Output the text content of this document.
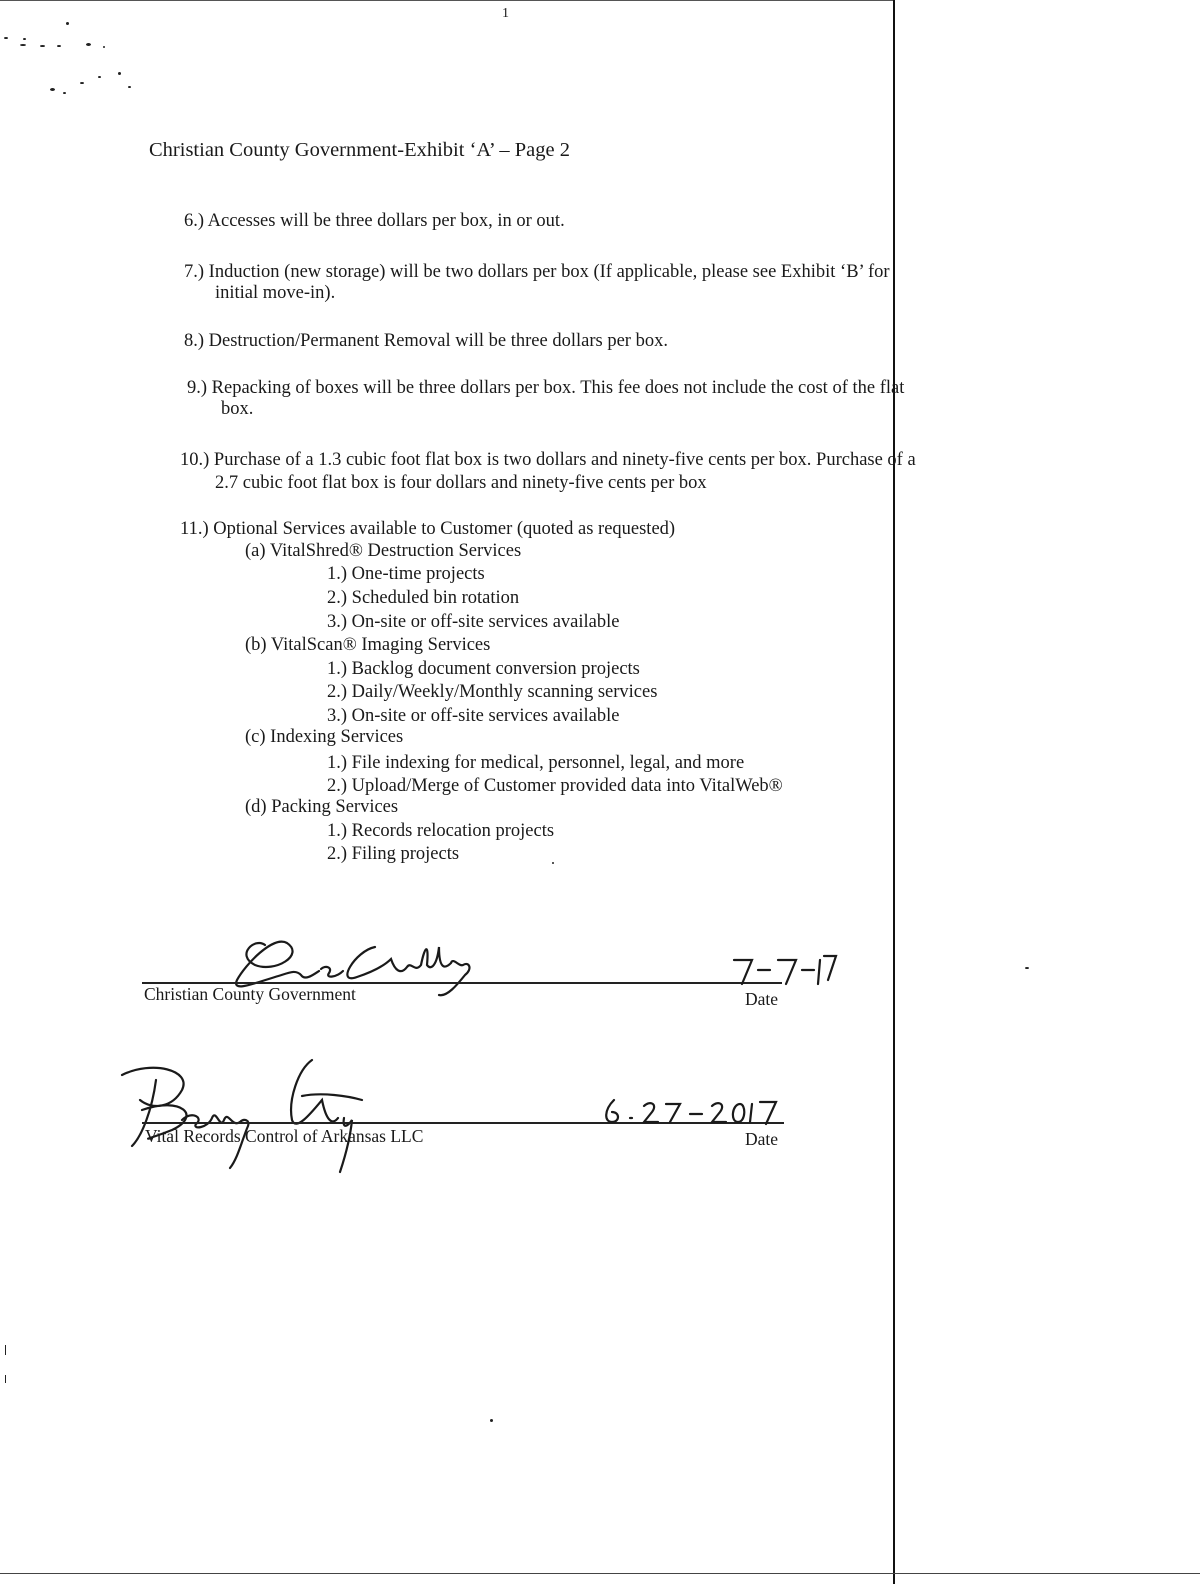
1
Christian County Government-Exhibit ‘A’ – Page 2
6.) Accesses will be three dollars per box, in or out.
7.) Induction (new storage) will be two dollars per box (If applicable, please see Exhibit ‘B’ for
initial move-in).
8.) Destruction/Permanent Removal will be three dollars per box.
9.) Repacking of boxes will be three dollars per box. This fee does not include the cost of the flat
box.
10.) Purchase of a 1.3 cubic foot flat box is two dollars and ninety-five cents per box. Purchase of a
2.7 cubic foot flat box is four dollars and ninety-five cents per box
11.) Optional Services available to Customer (quoted as requested)
(a) VitalShred® Destruction Services
1.) One-time projects
2.) Scheduled bin rotation
3.) On-site or off-site services available
(b) VitalScan® Imaging Services
1.) Backlog document conversion projects
2.) Daily/Weekly/Monthly scanning services
3.) On-site or off-site services available
(c) Indexing Services
1.) File indexing for medical, personnel, legal, and more
2.) Upload/Merge of Customer provided data into VitalWeb®
(d) Packing Services
1.) Records relocation projects
2.) Filing projects
Christian County Government	Date
Vital Records Control of Arkansas LLC	Date
